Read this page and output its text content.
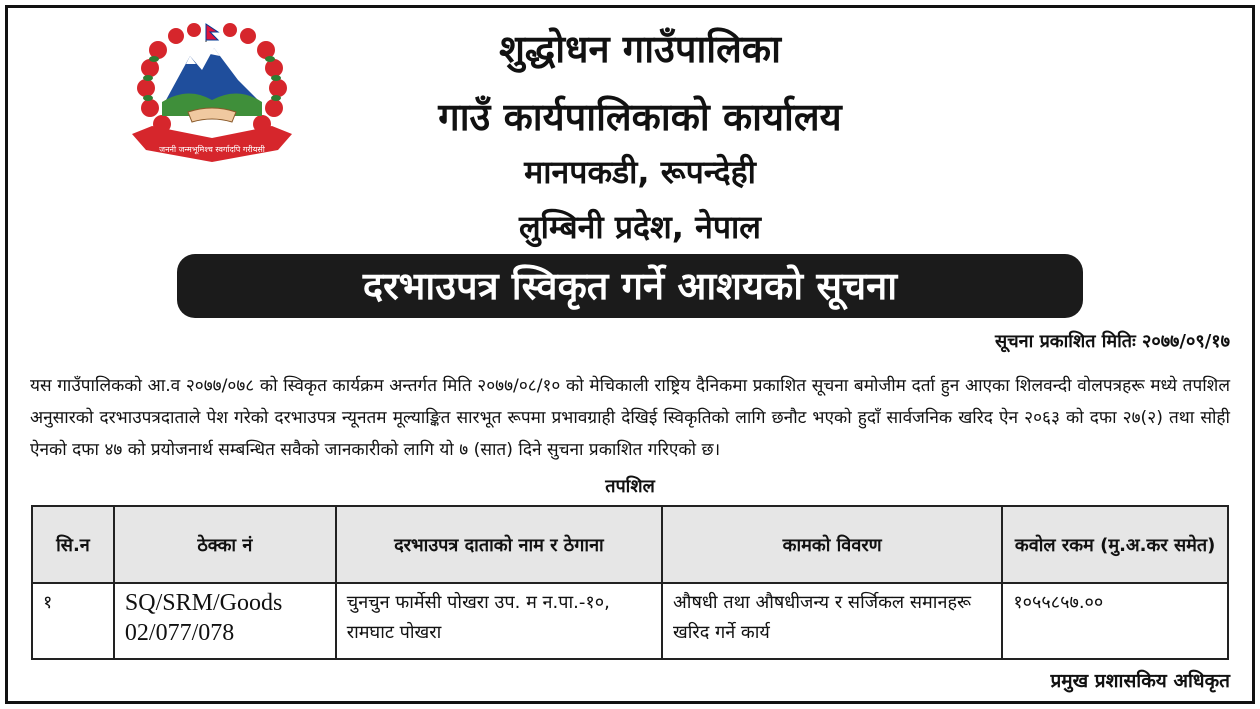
जननी जन्मभूमिश्च स्वर्गादपि गरीयसी
शुद्धोधन गाउँपालिका
गाउँ कार्यपालिकाको कार्यालय
मानपकडी, रूपन्देही
लुम्बिनी प्रदेश, नेपाल
दरभाउपत्र स्विकृत गर्ने आशयको सूचना
सूचना प्रकाशित मितिः २०७७/०९/१७
यस गाउँपालिकको आ.व २०७७/०७८ को स्विकृत कार्यक्रम अन्तर्गत मिति २०७७/०८/१० को मेचिकाली राष्ट्रिय दैनिकमा प्रकाशित सूचना बमोजीम दर्ता हुन आएका शिलवन्दी वोलपत्रहरू मध्ये तपशिल अनुसारको दरभाउपत्रदाताले पेश गरेको दरभाउपत्र न्यूनतम मूल्याङ्कित सारभूत रूपमा प्रभावग्राही देखिई स्विकृतिको लागि छनौट भएको हुदाँ सार्वजनिक खरिद ऐन २०६३ को दफा २७(२) तथा सोही ऐनको दफा ४७ को प्रयोजनार्थ सम्बन्धित सवैको जानकारीको लागि यो ७ (सात) दिने सुचना प्रकाशित गरिएको छ।
तपशिल
सि.न	ठेक्का नं	दरभाउपत्र दाताको नाम र ठेगाना	कामको विवरण	कवोल रकम (मु.अ.कर समेत)
१	SQ/SRM/Goods 02/077/078	चुनचुन फार्मेसी पोखरा उप. म न.पा.-१०, रामघाट पोखरा	औषधी तथा औषधीजन्य र सर्जिकल समानहरू खरिद गर्ने कार्य	१०५५८५७.००
प्रमुख प्रशासकिय अधिकृत
